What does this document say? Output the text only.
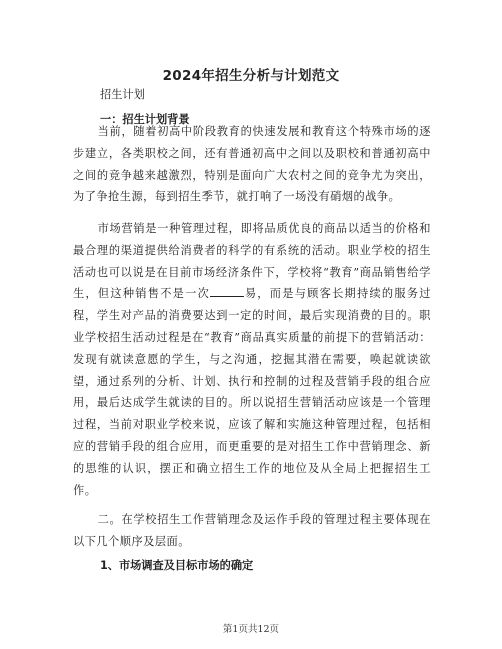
2024年招生分析与计划范文
招生计划
一：招生计划背景

当前，随着初高中阶段教育的快速发展和教育这个特殊市场的逐步建立，各类职校之间，还有普通初高中之间以及职校和普通初高中之间的竞争越来越激烈，特别是面向广大农村之间的竞争尤为突出，为了争抢生源，每到招生季节，就打响了一场没有硝烟的战争。

市场营销是一种管理过程，即将品质优良的商品以适当的价格和最合理的渠道提供给消费者的科学的有系统的活动。职业学校的招生活动也可以说是在目前市场经济条件下，学校将“教育”商品销售给学生，但这种销售不是一次	易，而是与顾客长期持续的服务过程，学生对产品的消费要达到一定的时间，最后实现消费的目的。职业学校招生活动过程是在“教育”商品真实质量的前提下的营销活动：发现有就读意愿的学生，与之沟通，挖掘其潜在需要，唤起就读欲望，通过系列的分析、计划、执行和控制的过程及营销手段的组合应用，最后达成学生就读的目的。所以说招生营销活动应该是一个管理过程，当前对职业学校来说，应该了解和实施这种管理过程，包括相应的营销手段的组合应用，而更重要的是对招生工作中营销理念、新的思维的认识，摆正和确立招生工作的地位及从全局上把握招生工作。

二。在学校招生工作营销理念及运作手段的管理过程主要体现在以下几个顺序及层面。

1、市场调查及目标市场的确定
第1页共12页
